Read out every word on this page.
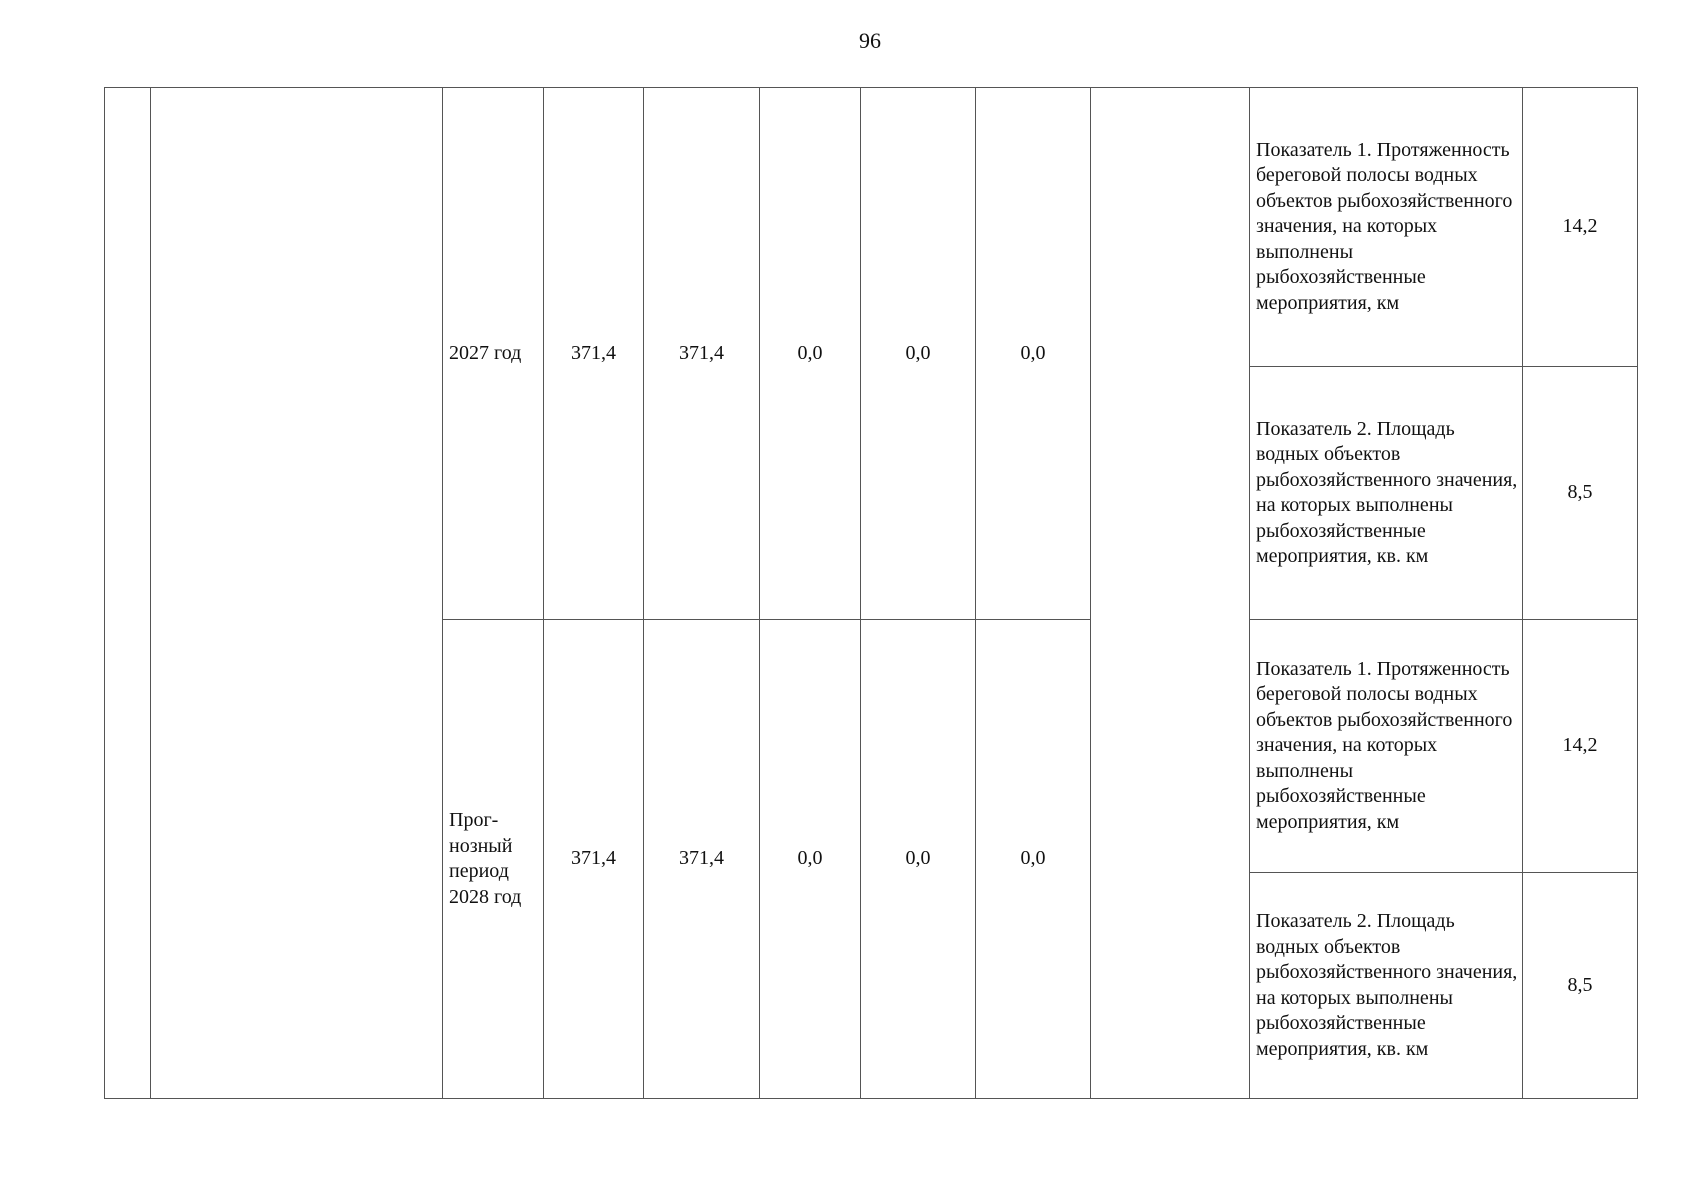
96
		2027 год	371,4	371,4	0,0	0,0	0,0		Показатель 1. Протяженность береговой полосы водных объектов рыбохозяйственного значения, на которых выполнены рыбохозяйственные мероприятия, км	14,2

									Показатель 2. Площадь водных объектов рыбохозяйственного значения, на которых выполнены рыбохозяйственные мероприятия, кв. км	8,5
		Прог-нозный период 2028 год	371,4	371,4	0,0	0,0	0,0		Показатель 1. Протяженность береговой полосы водных объектов рыбохозяйственного значения, на которых выполнены рыбохозяйственные мероприятия, км	14,2

									Показатель 2. Площадь водных объектов рыбохозяйственного значения, на которых выполнены рыбохозяйственные мероприятия, кв. км	8,5
